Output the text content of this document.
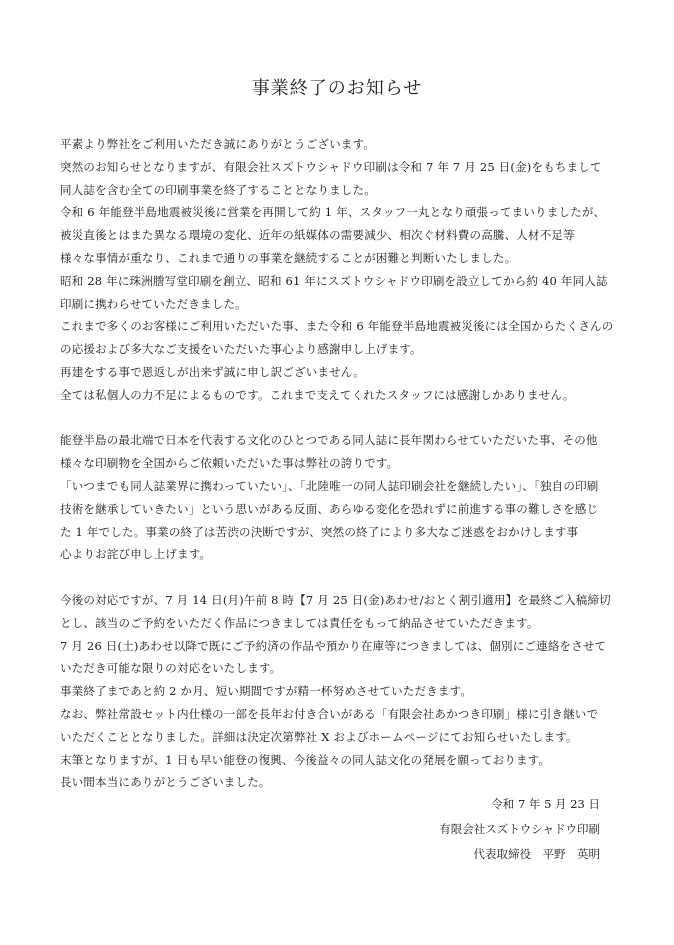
事業終了のお知らせ
平素より弊社をご利用いただき誠にありがとうございます。
突然のお知らせとなりますが、有限会社スズトウシャドウ印刷は令和 7 年 7 月 25 日(金)をもちまして
同人誌を含む全ての印刷事業を終了することとなりました。
令和 6 年能登半島地震被災後に営業を再開して約 1 年、スタッフ一丸となり頑張ってまいりましたが、
被災直後とはまた異なる環境の変化、近年の紙媒体の需要減少、相次ぐ材料費の高騰、人材不足等
様々な事情が重なり、これまで通りの事業を継続することが困難と判断いたしました。
昭和 28 年に珠洲謄写堂印刷を創立、昭和 61 年にスズトウシャドウ印刷を設立してから約 40 年同人誌
印刷に携わらせていただきました。
これまで多くのお客様にご利用いただいた事、また令和 6 年能登半島地震被災後には全国からたくさんの
の応援および多大なご支援をいただいた事心より感謝申し上げます。
再建をする事で恩返しが出来ず誠に申し訳ございません。
全ては私個人の力不足によるものです。これまで支えてくれたスタッフには感謝しかありません。
能登半島の最北端で日本を代表する文化のひとつである同人誌に長年関わらせていただいた事、その他
様々な印刷物を全国からご依頼いただいた事は弊社の誇りです。
「いつまでも同人誌業界に携わっていたい」、「北陸唯一の同人誌印刷会社を継続したい」、「独自の印刷
技術を継承していきたい」という思いがある反面、あらゆる変化を恐れずに前進する事の難しさを感じ
た 1 年でした。事業の終了は苦渋の決断ですが、突然の終了により多大なご迷惑をおかけします事
心よりお詫び申し上げます。
今後の対応ですが、7 月 14 日(月)午前 8 時【7 月 25 日(金)あわせ/おとく割引適用】を最終ご入稿締切
とし、該当のご予約をいただく作品につきましては責任をもって納品させていただきます。
7 月 26 日(土)あわせ以降で既にご予約済の作品や預かり在庫等につきましては、個別にご連絡をさせて
いただき可能な限りの対応をいたします。
事業終了まであと約 2 か月、短い期間ですが精一杯努めさせていただきます。
なお、弊社常設セット内仕様の一部を長年お付き合いがある「有限会社あかつき印刷」様に引き継いで
いただくこととなりました。詳細は決定次第弊社 X およびホームページにてお知らせいたします。
末筆となりますが、1 日も早い能登の復興、今後益々の同人誌文化の発展を願っております。
長い間本当にありがとうございました。
令和 7 年 5 月 23 日
有限会社スズトウシャドウ印刷
代表取締役　平野　英明
